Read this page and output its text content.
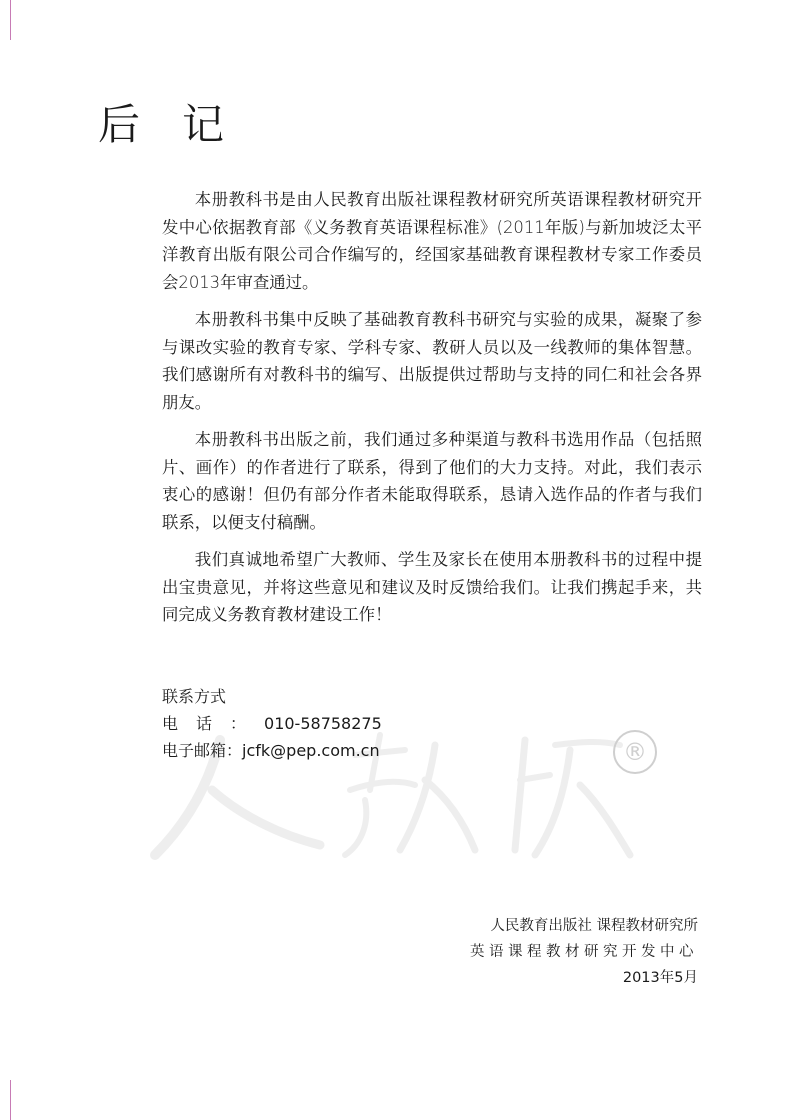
后 记

本册教科书是由人民教育出版社课程教材研究所英语课程教材研究开发中心依据教育部《义务教育英语课程标准》(2011年版)与新加坡泛太平洋教育出版有限公司合作编写的，经国家基础教育课程教材专家工作委员会2013年审查通过。

本册教科书集中反映了基础教育教科书研究与实验的成果，凝聚了参与课改实验的教育专家、学科专家、教研人员以及一线教师的集体智慧。我们感谢所有对教科书的编写、出版提供过帮助与支持的同仁和社会各界朋友。

本册教科书出版之前，我们通过多种渠道与教科书选用作品（包括照片、画作）的作者进行了联系，得到了他们的大力支持。对此，我们表示衷心的感谢！但仍有部分作者未能取得联系，恳请入选作品的作者与我们联系，以便支付稿酬。

我们真诚地希望广大教师、学生及家长在使用本册教科书的过程中提出宝贵意见，并将这些意见和建议及时反馈给我们。让我们携起手来，共同完成义务教育教材建设工作！

®
联系方式
电话：010-58758275
电子邮箱：jcfk@pep.com.cn
人民教育出版社 课程教材研究所
英语课程教材研究开发中心
2013年5月
